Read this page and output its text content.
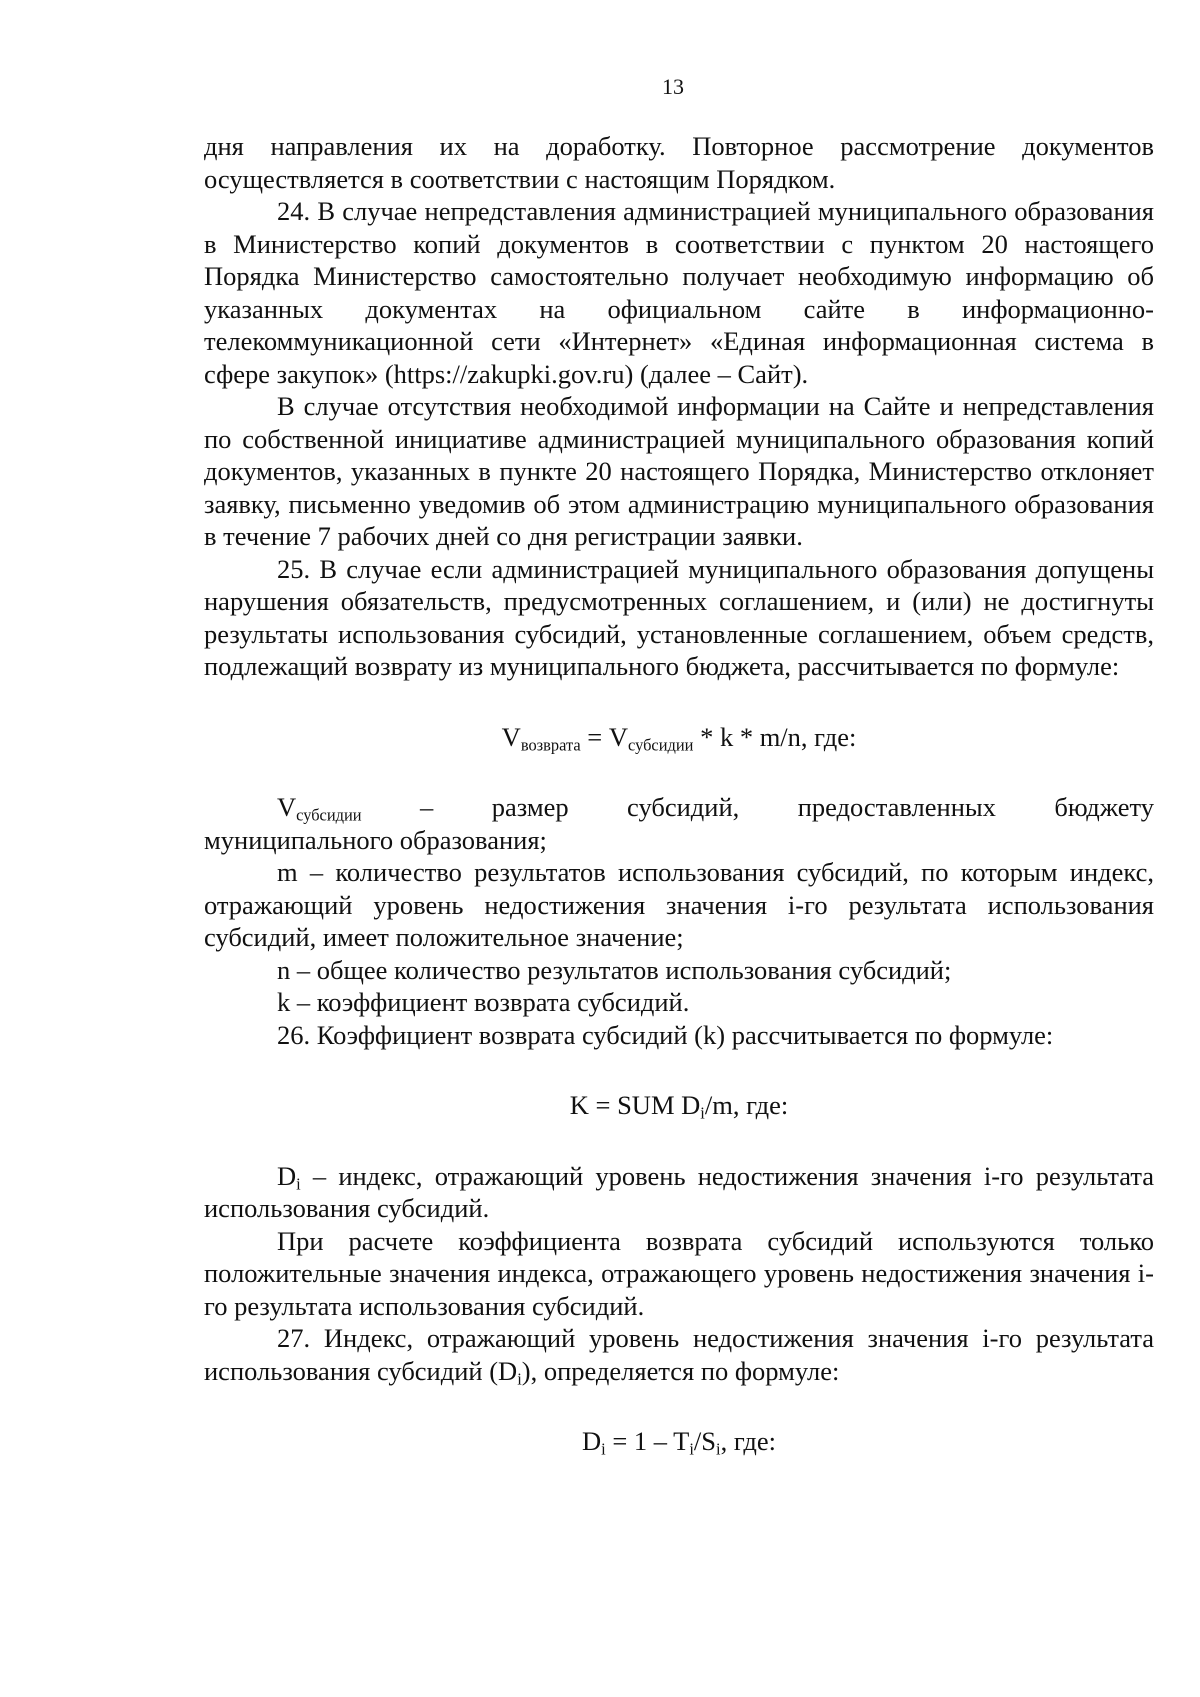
13

дня направления их на доработку. Повторное рассмотрение документов осуществляется в соответствии с настоящим Порядком.

24. В случае непредставления администрацией муниципального образования в Министерство копий документов в соответствии с пунктом 20 настоящего Порядка Министерство самостоятельно получает необходимую информацию об указанных документах на официальном сайте в информационно-телекоммуникационной сети «Интернет» «Единая информационная система в сфере закупок» (https://zakupki.gov.ru) (далее – Сайт).

В случае отсутствия необходимой информации на Сайте и непредставления по собственной инициативе администрацией муниципального образования копий документов, указанных в пункте 20 настоящего Порядка, Министерство отклоняет заявку, письменно уведомив об этом администрацию муниципального образования в течение 7 рабочих дней со дня регистрации заявки.

25. В случае если администрацией муниципального образования допущены нарушения обязательств, предусмотренных соглашением, и (или) не достигнуты результаты использования субсидий, установленные соглашением, объем средств, подлежащий возврату из муниципального бюджета, рассчитывается по формуле:

$V_{возврата} = V_{субсидии} * k * m/n$, где:

$V_{субсидии}$ – размер субсидий, предоставленных бюджету

муниципального образования;

m – количество результатов использования субсидий, по которым индекс, отражающий уровень недостижения значения i-го результата использования субсидий, имеет положительное значение;

n – общее количество результатов использования субсидий;

k – коэффициент возврата субсидий.

26. Коэффициент возврата субсидий (k) рассчитывается по формуле:

K = SUM $D_i/m$, где:

$D_i$ – индекс, отражающий уровень недостижения значения i-го результата использования субсидий.

При расчете коэффициента возврата субсидий используются только положительные значения индекса, отражающего уровень недостижения значения i-го результата использования субсидий.

27. Индекс, отражающий уровень недостижения значения i-го результата использования субсидий $(D_i)$, определяется по формуле:

$D_i = 1 - T_i/S_i$, где:
